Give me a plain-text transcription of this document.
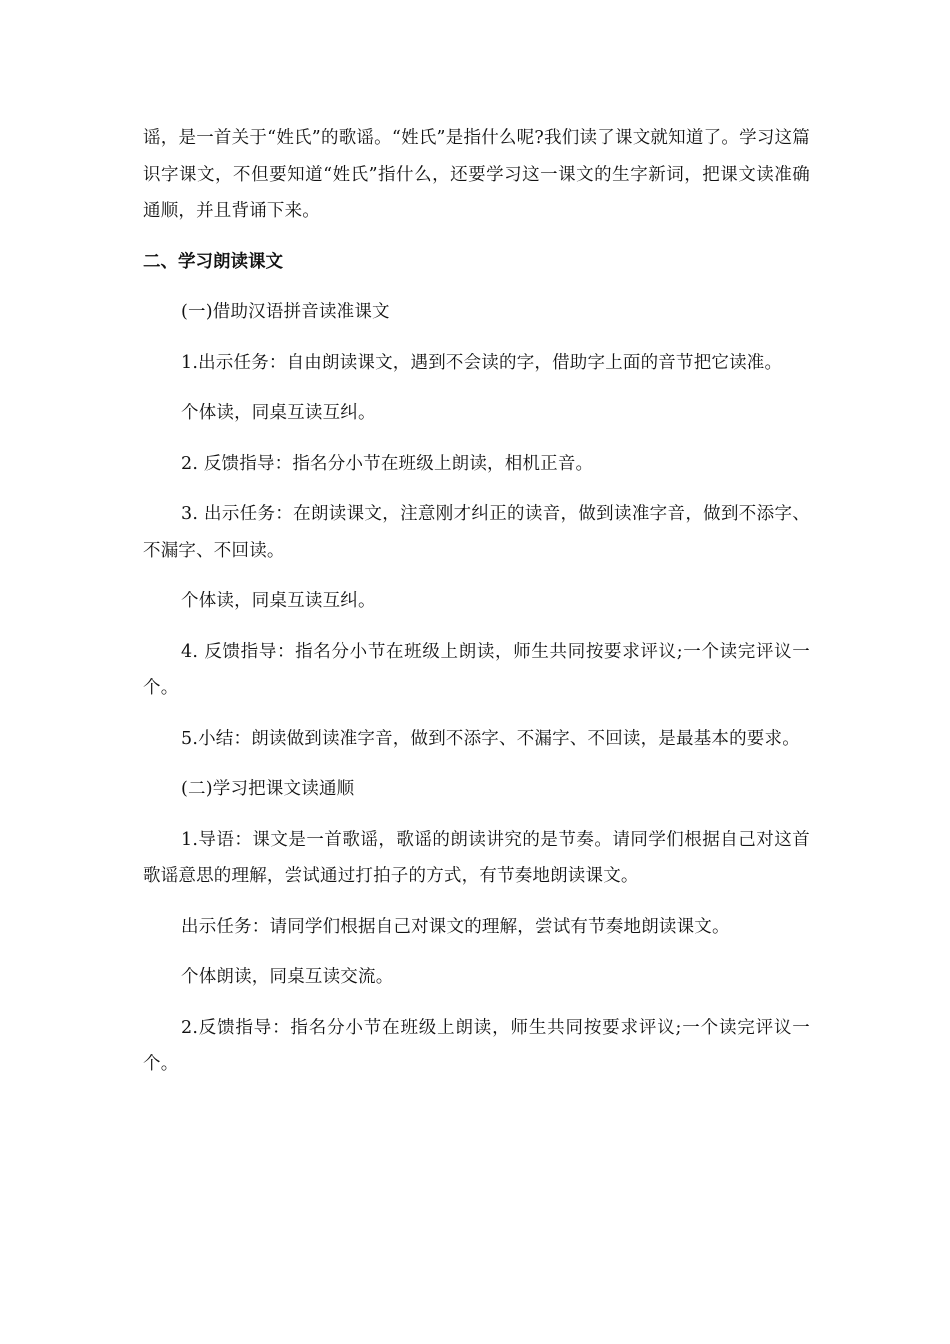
谣，是一首关于“姓氏”的歌谣。“姓氏”是指什么呢?我们读了课文就知道了。学习这篇识字课文，不但要知道“姓氏”指什么，还要学习这一课文的生字新词，把课文读准确通顺，并且背诵下来。

二、学习朗读课文

(一)借助汉语拼音读准课文

1.出示任务：自由朗读课文，遇到不会读的字，借助字上面的音节把它读准。

个体读，同桌互读互纠。

2. 反馈指导：指名分小节在班级上朗读，相机正音。

3. 出示任务：在朗读课文，注意刚才纠正的读音，做到读准字音，做到不添字、不漏字、不回读。

个体读，同桌互读互纠。

4. 反馈指导：指名分小节在班级上朗读，师生共同按要求评议;一个读完评议一个。

5.小结：朗读做到读准字音，做到不添字、不漏字、不回读，是最基本的要求。

(二)学习把课文读通顺

1.导语：课文是一首歌谣，歌谣的朗读讲究的是节奏。请同学们根据自己对这首歌谣意思的理解，尝试通过打拍子的方式，有节奏地朗读课文。

出示任务：请同学们根据自己对课文的理解，尝试有节奏地朗读课文。

个体朗读，同桌互读交流。

2.反馈指导：指名分小节在班级上朗读，师生共同按要求评议;一个读完评议一个。
